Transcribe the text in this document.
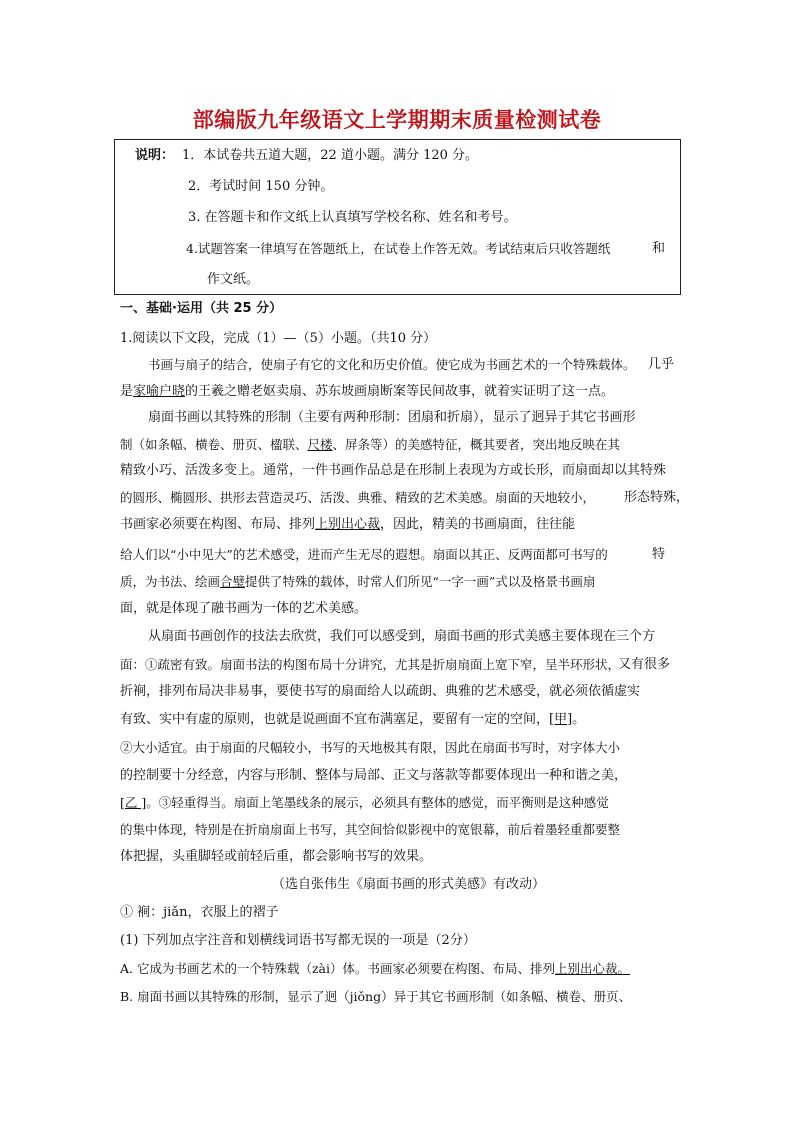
部编版九年级语文上学期期末质量检测试卷
说明： 1．本试卷共五道大题，22 道小题。满分 120 分。
2．考试时间 150 分钟。
3. 在答题卡和作文纸上认真填写学校名称、姓名和考号。
4.试题答案一律填写在答题纸上，在试卷上作答无效。考试结束后只收答题纸	和
作文纸。
一、基础·运用（共 25 分）
1.阅读以下文段，完成（1）—（5）小题。（共10 分）
书画与扇子的结合，使扇子有它的文化和历史价值。使它成为书画艺术的一个特殊载体。 几乎
是家喻户晓的王羲之赠老妪卖扇、苏东坡画扇断案等民间故事，就着实证明了这一点。
扇面书画以其特殊的形制（主要有两种形制：团扇和折扇），显示了迥异于其它书画形
制（如条幅、横卷、册页、楹联、尺楼、屏条等）的美感特征，概其要者，突出地反映在其
精致小巧、活泼多变上。通常，一件书画作品总是在形制上表现为方或长形，而扇面却以其特殊
的圆形、椭圆形、拱形去营造灵巧、活泼、典雅、精致的艺术美感。扇面的天地较小， 形态特殊，
书画家必须要在构图、布局、排列上别出心裁，因此，精美的书画扇面，往往能
给人们以“小中见大”的艺术感受，进而产生无尽的遐想。扇面以其正、反两面都可书写的	特
质，为书法、绘画合璧提供了特殊的载体，时常人们所见“一字一画”式以及格景书画扇
面，就是体现了融书画为一体的艺术美感。
从扇面书画创作的技法去欣赏，我们可以感受到，扇面书画的形式美感主要体现在三个方
面：①疏密有致。扇面书法的构图布局十分讲究，尤其是折扇扇面上宽下窄，呈半环形状，
又有很多
折裥，排列布局决非易事，要使书写的扇面给人以疏朗、典雅的艺术感受，就必须依循虚实
有致、实中有虚的原则，也就是说画面不宜布满塞足，要留有一定的空间，[甲]。
②大小适宜。由于扇面的尺幅较小，书写的天地极其有限，因此在扇面书写时，对字体大小
的控制要十分经意，内容与形制、整体与局部、正文与落款等都要体现出一种和谐之美，
[乙 ]。③轻重得当。扇面上笔墨线条的展示，必须具有整体的感觉，而平衡则是这种感觉
的集中体现，特别是在折扇扇面上书写，其空间恰似影视中的宽银幕，前后着墨轻重都要整
体把握，头重脚轻或前轻后重，都会影响书写的效果。
（选自张伟生《扇面书画的形式美感》有改动）
① 裥：jiǎn，衣服上的褶子
(1) 下列加点字注音和划横线词语书写都无误的一项是（2分）
A. 它成为书画艺术的一个特殊载（zài）体。书画家必须要在构图、布局、排列上别出心裁。
B. 扇面书画以其特殊的形制，显示了迥（jiǒng）异于其它书画形制（如条幅、横卷、册页、
